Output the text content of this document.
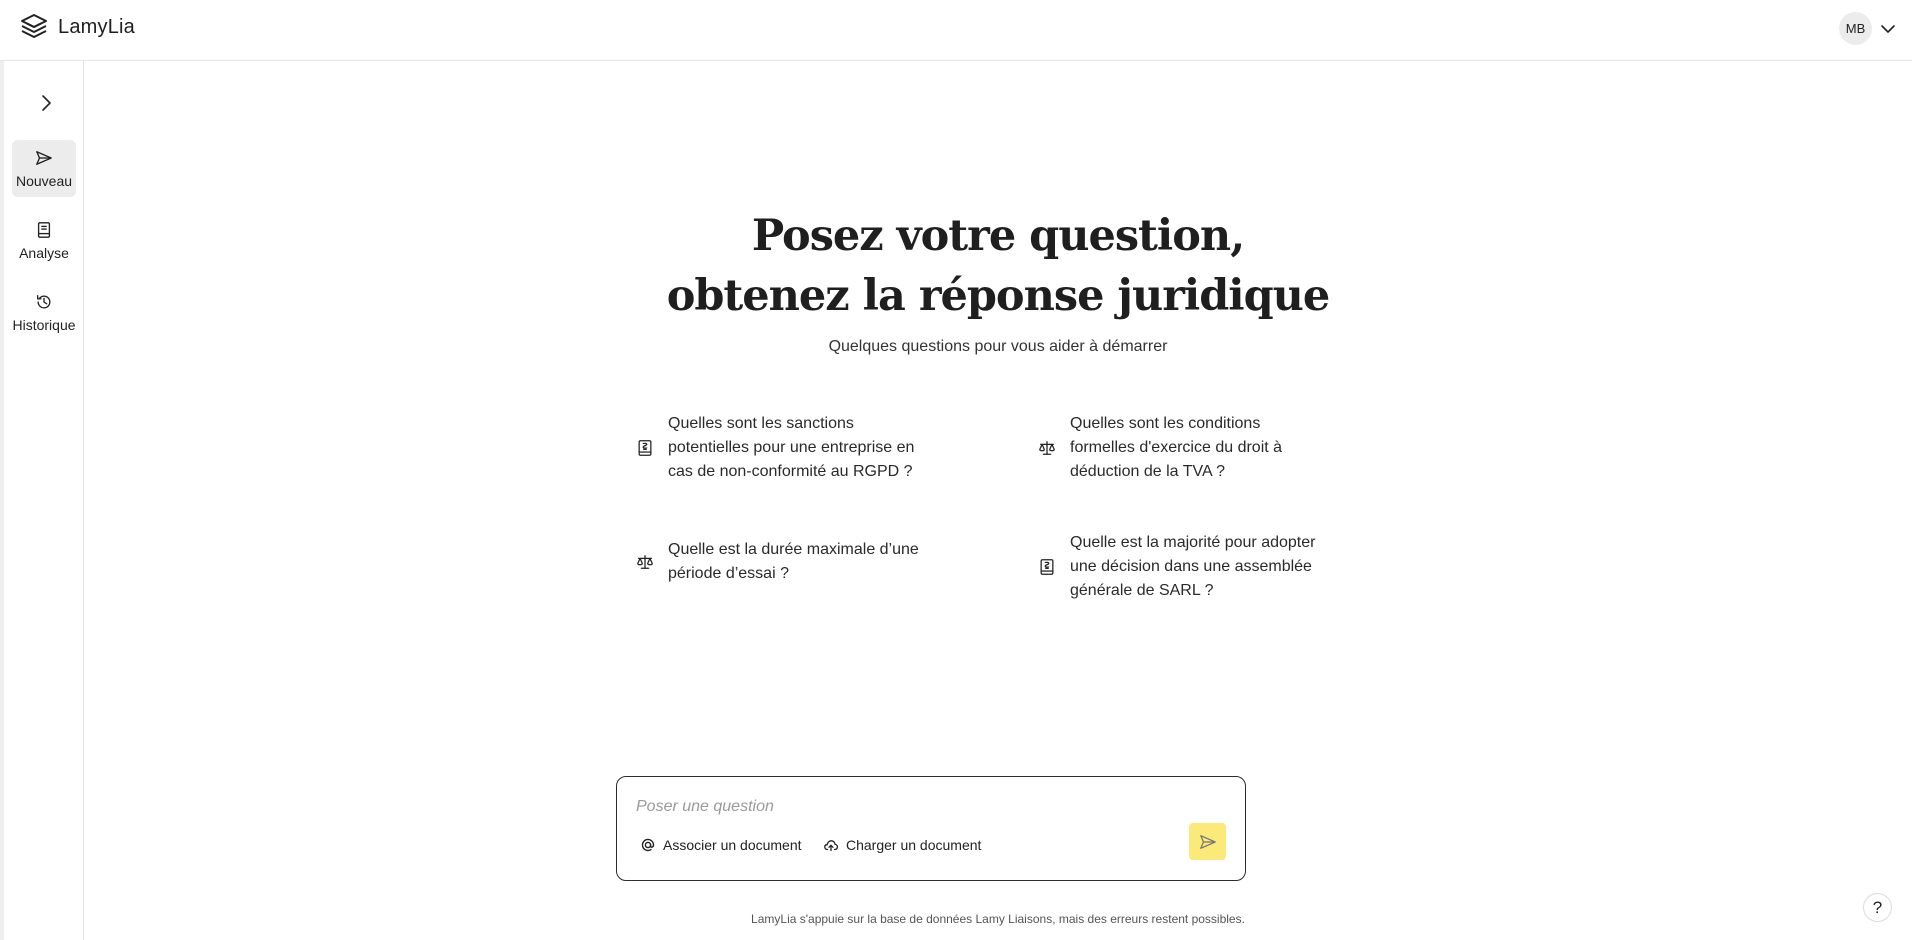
LamyLia	MB
Nouveau
Analyse
Historique
Posez votre question,
obtenez la réponse juridique

Quelques questions pour vous aider à démarrer

Quelles sont les sanctions potentielles pour une entreprise en cas de non-conformité au RGPD ?
Quelles sont les conditions formelles d'exercice du droit à déduction de la TVA ?
Quelle est la durée maximale d’une période d’essai ?
Quelle est la majorité pour adopter une décision dans une assemblée générale de SARL ?
Poser une question
Associer un document	Charger un document

LamyLia s'appuie sur la base de données Lamy Liaisons, mais des erreurs restent possibles.

?
